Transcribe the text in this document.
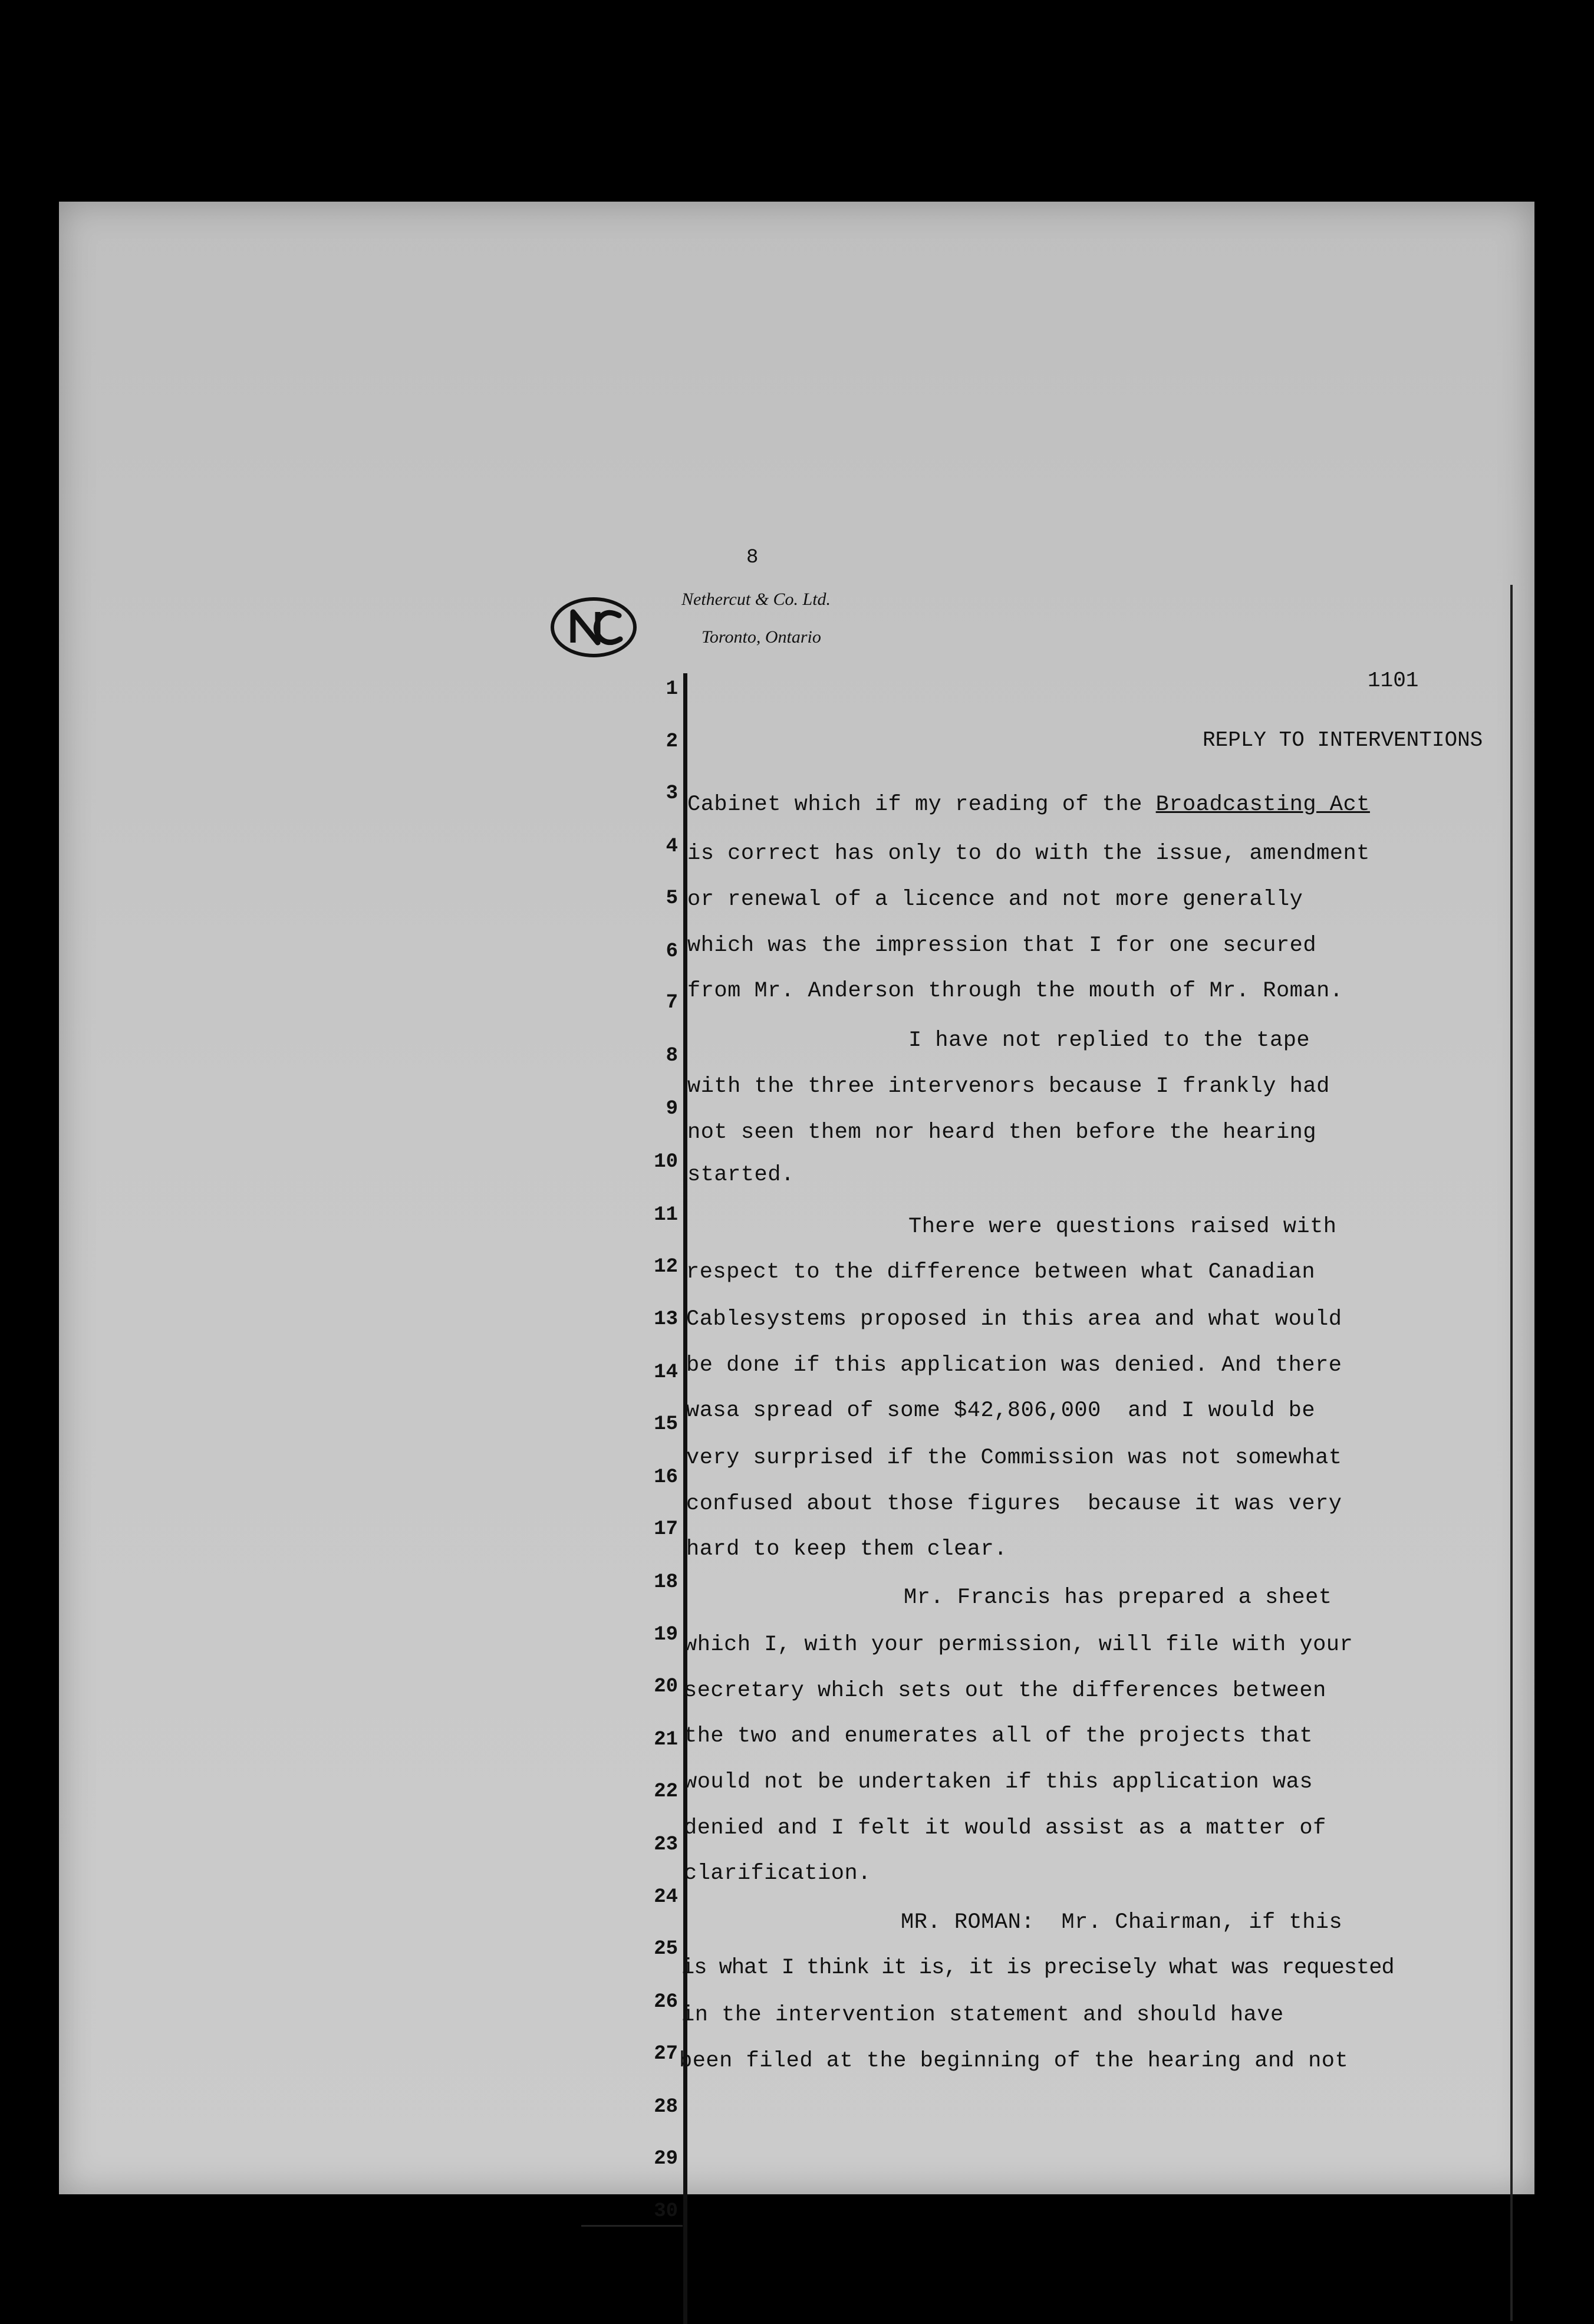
8
Nethercut & Co. Ltd.
Toronto, Ontario
1101
REPLY TO INTERVENTIONS
1
2
3
4
5
6
7
8
9
10
11
12
13
14
15
16
17
18
19
20
21
22
23
24
25
26
27
28
29
30
Cabinet which if my reading of the Broadcasting Act
is correct has only to do with the issue, amendment
or renewal of a licence and not more generally
which was the impression that I for one secured
from Mr. Anderson through the mouth of Mr. Roman.
I have not replied to the tape
with the three intervenors because I frankly had
not seen them nor heard then before the hearing
started.
There were questions raised with
respect to the difference between what Canadian
Cablesystems proposed in this area and what would
be done if this application was denied. And there
wasa spread of some $42,806,000  and I would be
very surprised if the Commission was not somewhat
confused about those figures  because it was very
hard to keep them clear.
Mr. Francis has prepared a sheet
which I, with your permission, will file with your
secretary which sets out the differences between
the two and enumerates all of the projects that
would not be undertaken if this application was
denied and I felt it would assist as a matter of
clarification.
MR. ROMAN:  Mr. Chairman, if this
is what I think it is, it is precisely what was requested
in the intervention statement and should have
been filed at the beginning of the hearing and not
